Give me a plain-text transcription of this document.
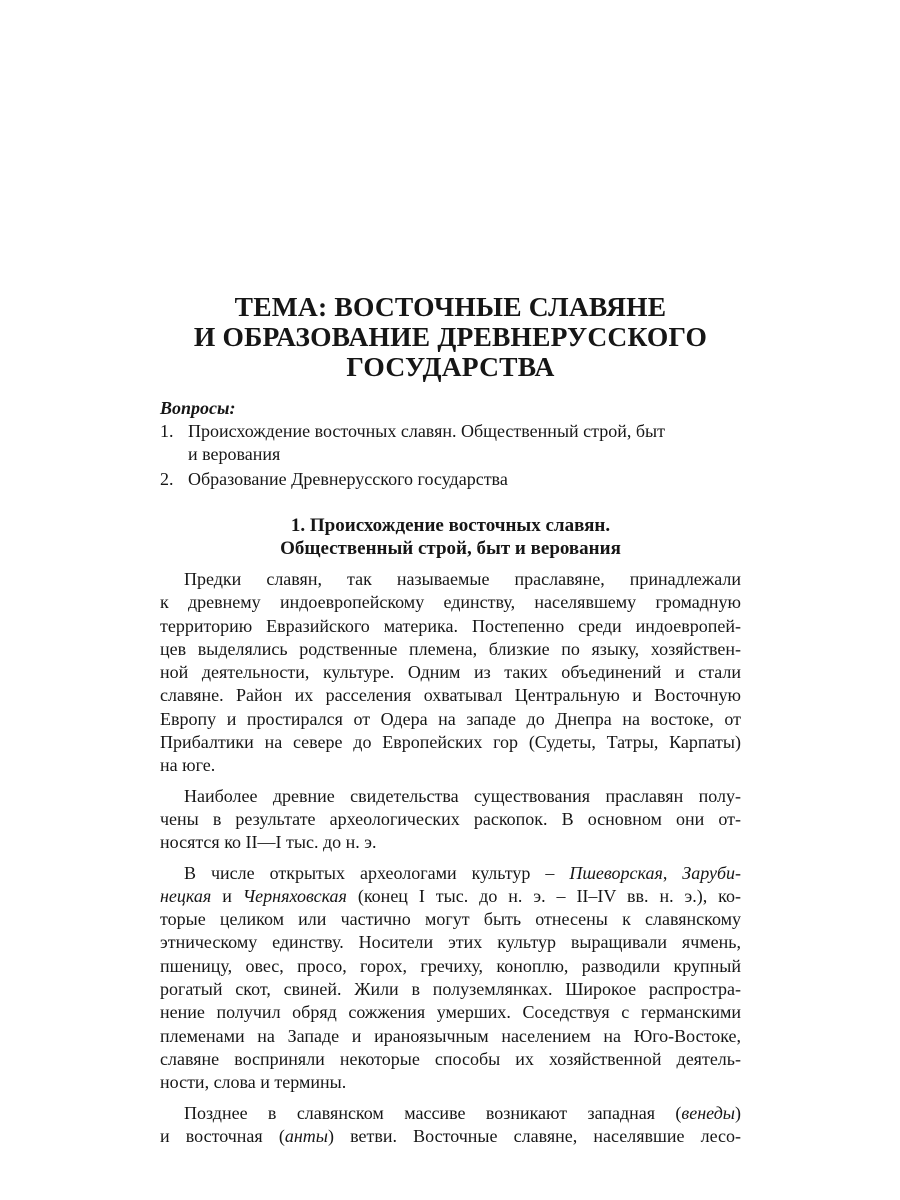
ТЕМА: ВОСТОЧНЫЕ СЛАВЯНЕ
И ОБРАЗОВАНИЕ ДРЕВНЕРУССКОГО
ГОСУДАРСТВА
Вопросы:
1. Происхождение восточных славян. Общественный строй, быт
и верования
2. Образование Древнерусского государства
1. Происхождение восточных славян.
Общественный строй, быт и верования
Предки славян, так называемые праславяне, принадлежали
к древнему индоевропейскому единству, населявшему громадную
территорию Евразийского материка. Постепенно среди индоевропей-
цев выделялись родственные племена, близкие по языку, хозяйствен-
ной деятельности, культуре. Одним из таких объединений и стали
славяне. Район их расселения охватывал Центральную и Восточную
Европу и простирался от Одера на западе до Днепра на востоке, от
Прибалтики на севере до Европейских гор (Судеты, Татры, Карпаты)
на юге.
Наиболее древние свидетельства существования праславян полу-
чены в результате археологических раскопок. В основном они от-
носятся ко II—I тыс. до н. э.
В числе открытых археологами культур – Пшеворская, Заруби-
нецкая и Черняховская (конец I тыс. до н. э. – II–IV вв. н. э.), ко-
торые целиком или частично могут быть отнесены к славянскому
этническому единству. Носители этих культур выращивали ячмень,
пшеницу, овес, просо, горох, гречиху, коноплю, разводили крупный
рогатый скот, свиней. Жили в полуземлянках. Широкое распростра-
нение получил обряд сожжения умерших. Соседствуя с германскими
племенами на Западе и ираноязычным населением на Юго-Востоке,
славяне восприняли некоторые способы их хозяйственной деятель-
ности, слова и термины.
Позднее в славянском массиве возникают западная (венеды)
и восточная (анты) ветви. Восточные славяне, населявшие лесо-
